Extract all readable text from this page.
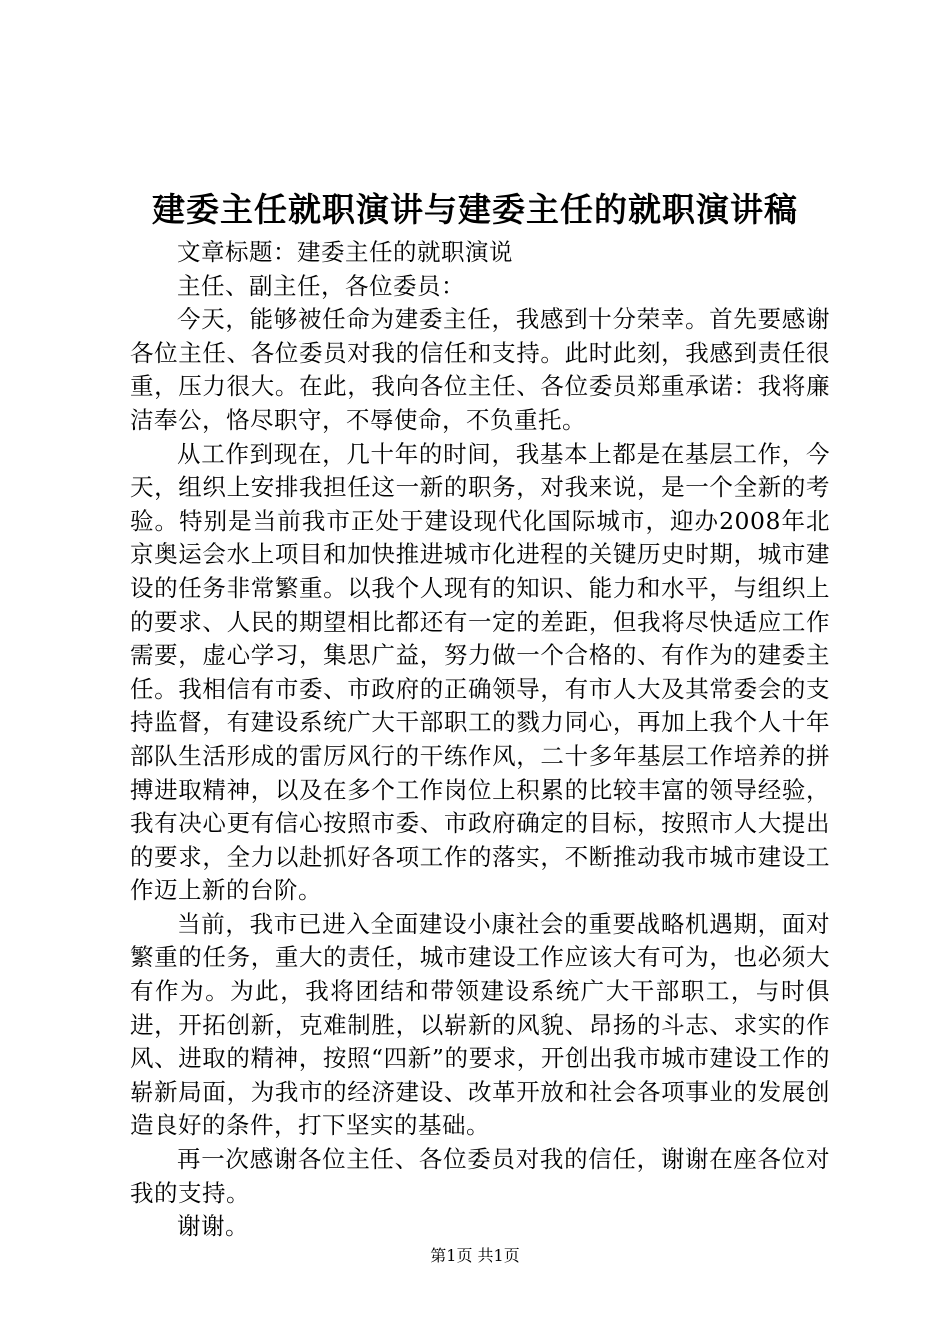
建委主任就职演讲与建委主任的就职演讲稿

文章标题：建委主任的就职演说

主任、副主任，各位委员：

今天，能够被任命为建委主任，我感到十分荣幸。首先要感谢各位主任、各位委员对我的信任和支持。此时此刻，我感到责任很重，压力很大。在此，我向各位主任、各位委员郑重承诺：我将廉洁奉公，恪尽职守，不辱使命，不负重托。

从工作到现在，几十年的时间，我基本上都是在基层工作，今天，组织上安排我担任这一新的职务，对我来说，是一个全新的考验。特别是当前我市正处于建设现代化国际城市，迎办2008年北京奥运会水上项目和加快推进城市化进程的关键历史时期，城市建设的任务非常繁重。以我个人现有的知识、能力和水平，与组织上的要求、人民的期望相比都还有一定的差距，但我将尽快适应工作需要，虚心学习，集思广益，努力做一个合格的、有作为的建委主任。我相信有市委、市政府的正确领导，有市人大及其常委会的支持监督，有建设系统广大干部职工的戮力同心，再加上我个人十年部队生活形成的雷厉风行的干练作风，二十多年基层工作培养的拼搏进取精神，以及在多个工作岗位上积累的比较丰富的领导经验，我有决心更有信心按照市委、市政府确定的目标，按照市人大提出的要求，全力以赴抓好各项工作的落实，不断推动我市城市建设工作迈上新的台阶。

当前，我市已进入全面建设小康社会的重要战略机遇期，面对繁重的任务，重大的责任，城市建设工作应该大有可为，也必须大有作为。为此，我将团结和带领建设系统广大干部职工，与时俱进，开拓创新，克难制胜，以崭新的风貌、昂扬的斗志、求实的作风、进取的精神，按照“四新”的要求，开创出我市城市建设工作的崭新局面，为我市的经济建设、改革开放和社会各项事业的发展创造良好的条件，打下坚实的基础。

再一次感谢各位主任、各位委员对我的信任，谢谢在座各位对我的支持。

谢谢。

第1页 共1页
